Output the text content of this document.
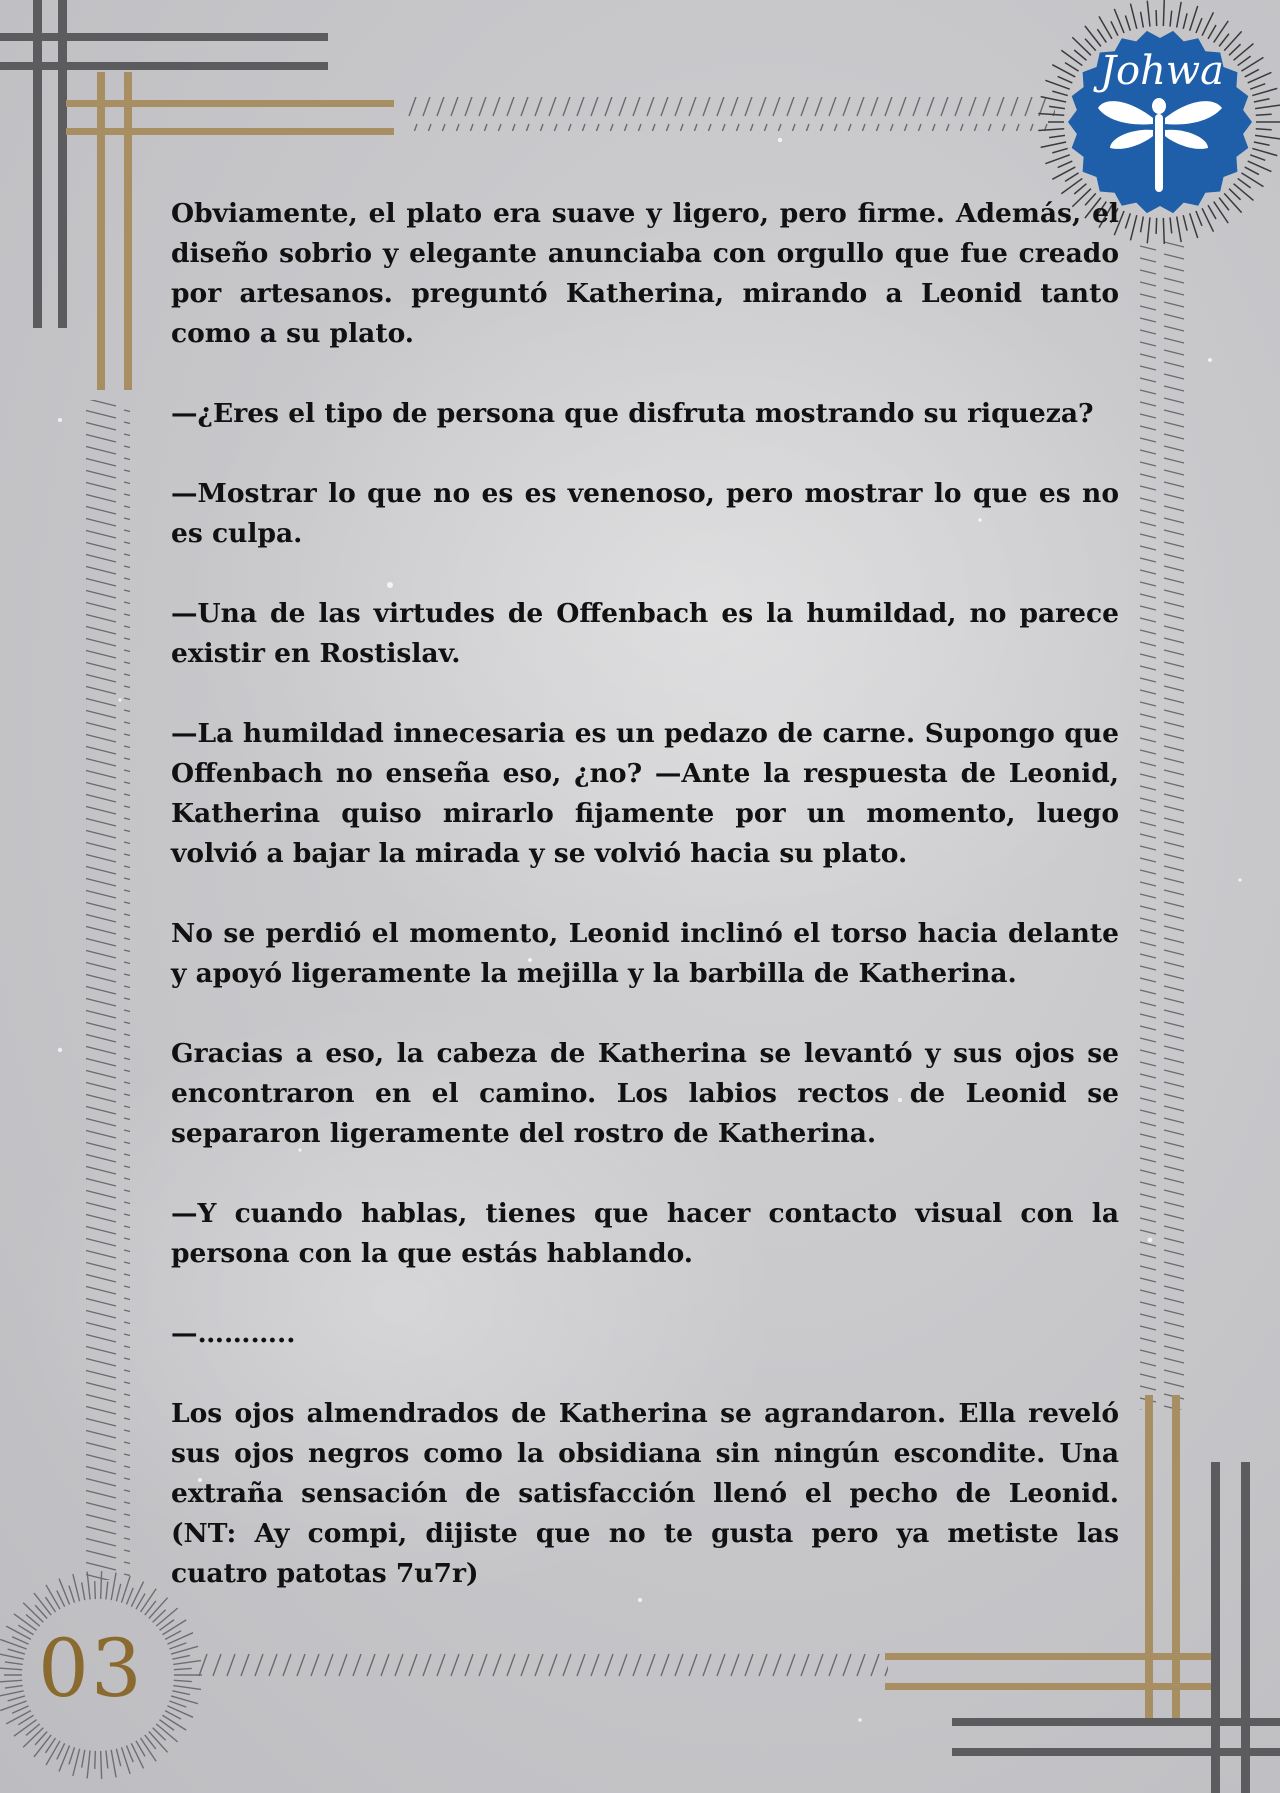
Johwa
03

Obviamente, el plato era suave y ligero, pero firme. Además, el diseño sobrio y elegante anunciaba con orgullo que fue creado por artesanos. preguntó Katherina, mirando a Leonid tanto como a su plato.

—¿Eres el tipo de persona que disfruta mostrando su riqueza?

—Mostrar lo que no es es venenoso, pero mostrar lo que es no es culpa.

—Una de las virtudes de Offenbach es la humildad, no parece existir en Rostislav.

—La humildad innecesaria es un pedazo de carne. Supongo que Offenbach no enseña eso, ¿no? —Ante la respuesta de Leonid, Katherina quiso mirarlo fijamente por un momento, luego volvió a bajar la mirada y se volvió hacia su plato.

No se perdió el momento, Leonid inclinó el torso hacia delante y apoyó ligeramente la mejilla y la barbilla de Katherina.

Gracias a eso, la cabeza de Katherina se levantó y sus ojos se encontraron en el camino. Los labios rectos de Leonid se separaron ligeramente del rostro de Katherina.

—Y cuando hablas, tienes que hacer contacto visual con la persona con la que estás hablando.

—………..

Los ojos almendrados de Katherina se agrandaron. Ella reveló sus ojos negros como la obsidiana sin ningún escondite. Una extraña sensación de satisfacción llenó el pecho de Leonid. (NT: Ay compi, dijiste que no te gusta pero ya metiste las cuatro patotas 7u7r)
